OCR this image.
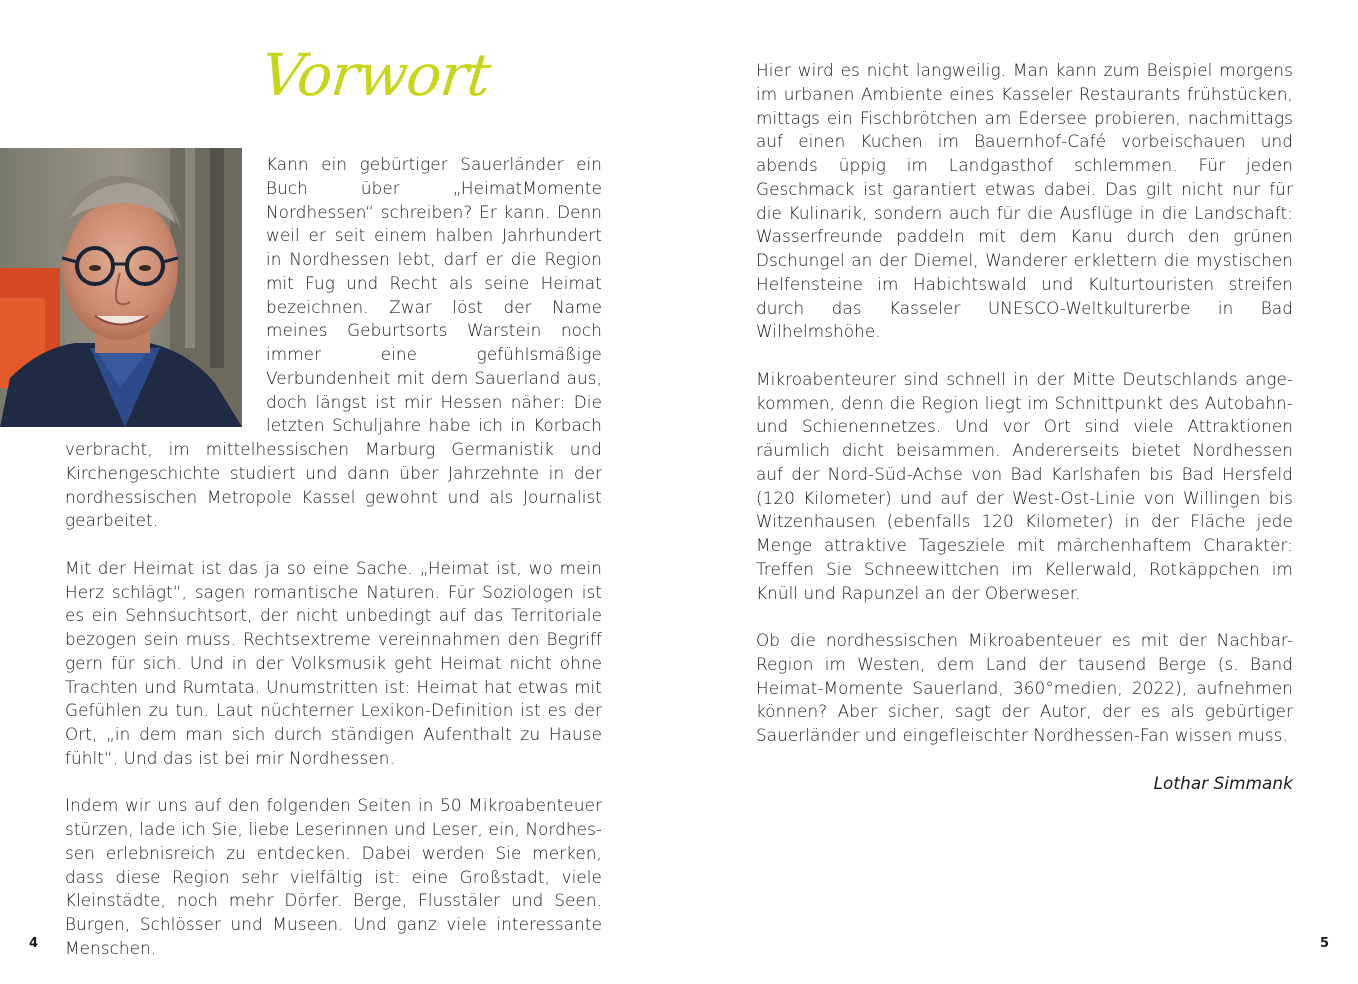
Vorwort

Kann ein gebürtiger Sauerländer ein Buch über „HeimatMomente Nordhessen“ schreiben? Er kann. Denn weil er seit einem halben Jahrhundert in Nordhessen lebt, darf er die Region mit Fug und Recht als seine Heimat bezeichnen. Zwar löst der Name meines Geburtsorts Warstein noch immer eine gefühlsmäßige Verbundenheit mit dem Sauerland aus, doch längst ist mir Hessen näher: Die letzten Schuljahre habe ich in Korbach verbracht, im mittelhessischen Marburg Germanistik und Kirchengeschichte studiert und dann über Jahrzehnte in der nordhessischen Metropole Kassel gewohnt und als Journalist gearbeitet.

Mit der Heimat ist das ja so eine Sache. „Heimat ist, wo mein Herz schlägt“, sagen romantische Naturen. Für Soziologen ist es ein Sehnsuchtsort, der nicht unbedingt auf das Territoriale bezogen sein muss. Rechtsextreme vereinnahmen den Begriff gern für sich. Und in der Volksmusik geht Heimat nicht ohne Trachten und Rumtata. Unumstritten ist: Heimat hat etwas mit Gefühlen zu tun. Laut nüchterner Lexikon-Definition ist es der Ort, „in dem man sich durch ständigen Aufenthalt zu Hause fühlt“. Und das ist bei mir Nordhessen.

Indem wir uns auf den folgenden Seiten in 50 Mikroabenteuer stürzen, lade ich Sie, liebe Leserinnen und Leser, ein, Nordhessen erlebnisreich zu entdecken. Dabei werden Sie merken, dass diese Region sehr vielfältig ist: eine Großstadt, viele Kleinstädte, noch mehr Dörfer. Berge, Flusstäler und Seen. Burgen, Schlösser und Museen. Und ganz viele interessante Menschen.

Hier wird es nicht langweilig. Man kann zum Beispiel morgens im urbanen Ambiente eines Kasseler Restaurants frühstücken, mittags ein Fischbrötchen am Edersee probieren, nachmittags auf einen Kuchen im Bauernhof-Café vorbeischauen und abends üppig im Landgasthof schlemmen. Für jeden Geschmack ist garantiert etwas dabei. Das gilt nicht nur für die Kulinarik, sondern auch für die Ausflüge in die Landschaft: Wasserfreunde paddeln mit dem Kanu durch den grünen Dschungel an der Diemel, Wanderer erklettern die mystischen Helfensteine im Habichtswald und Kulturtouristen streifen durch das Kasseler UNESCO-Weltkulturerbe in Bad Wilhelmshöhe.

Mikroabenteurer sind schnell in der Mitte Deutschlands angekommen, denn die Region liegt im Schnittpunkt des Autobahn- und Schienennetzes. Und vor Ort sind viele Attraktionen räumlich dicht beisammen. Andererseits bietet Nordhessen auf der Nord-Süd-Achse von Bad Karlshafen bis Bad Hersfeld (120 Kilometer) und auf der West-Ost-Linie von Willingen bis Witzenhausen (ebenfalls 120 Kilometer) in der Fläche jede Menge attraktive Tagesziele mit märchenhaftem Charakter: Treffen Sie Schneewittchen im Kellerwald, Rotkäppchen im Knüll und Rapunzel an der Oberweser.

Ob die nordhessischen Mikroabenteuer es mit der Nachbar-Region im Westen, dem Land der tausend Berge (s. Band Heimat-Momente Sauerland, 360°medien, 2022), aufnehmen können? Aber sicher, sagt der Autor, der es als gebürtiger Sauerländer und eingefleischter Nordhessen-Fan wissen muss.

Lothar Simmank

4	5
